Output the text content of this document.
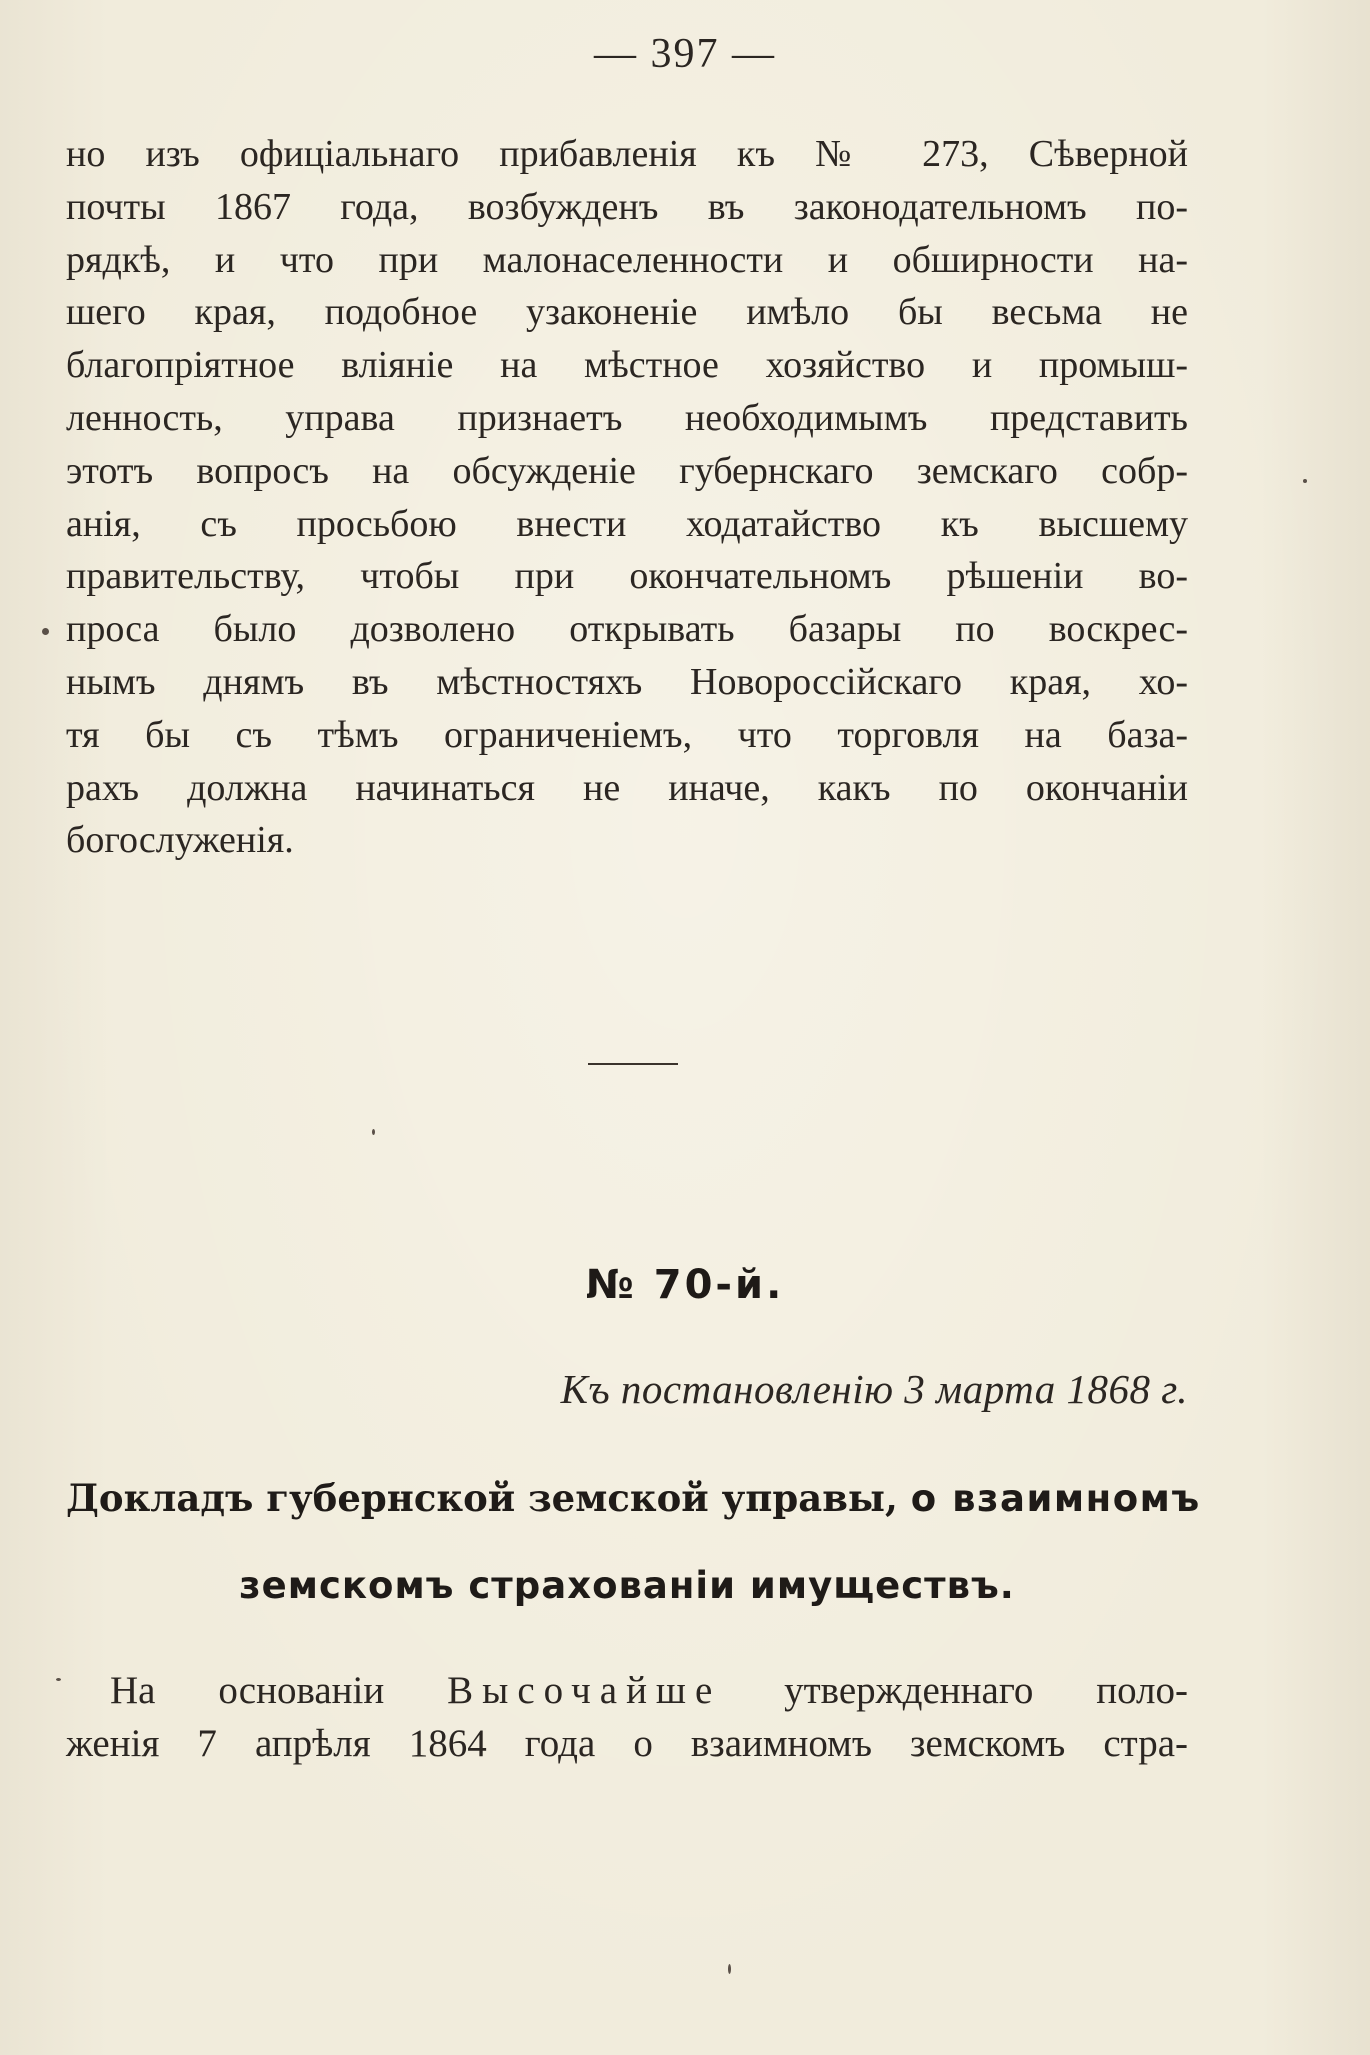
— 397 —
но изъ офиціальнаго прибавленія къ № 273, Сѣверной
почты 1867 года, возбужденъ въ законодательномъ по-
рядкѣ, и что при малонаселенности и обширности на-
шего края, подобное узаконеніе имѣло бы весьма не
благопріятное вліяніе на мѣстное хозяйство и промыш-
ленность, управа признаетъ необходимымъ представить
этотъ вопросъ на обсужденіе губернскаго земскаго собр-
анія, съ просьбою внести ходатайство къ высшему
правительству, чтобы при окончательномъ рѣшеніи во-
проса было дозволено открывать базары по воскрес-
нымъ днямъ въ мѣстностяхъ Новороссійскаго края, хо-
тя бы съ тѣмъ ограниченіемъ, что торговля на база-
рахъ должна начинаться не иначе, какъ по окончаніи
богослуженія.
№ 70-й.
Къ постановленію 3 марта 1868 г.
Докладъ губернской земской управы, о взаимномъ
земскомъ страхованіи имуществъ.
На основаніи Высочайше утвержденнаго поло-
женія 7 апрѣля 1864 года о взаимномъ земскомъ стра-
